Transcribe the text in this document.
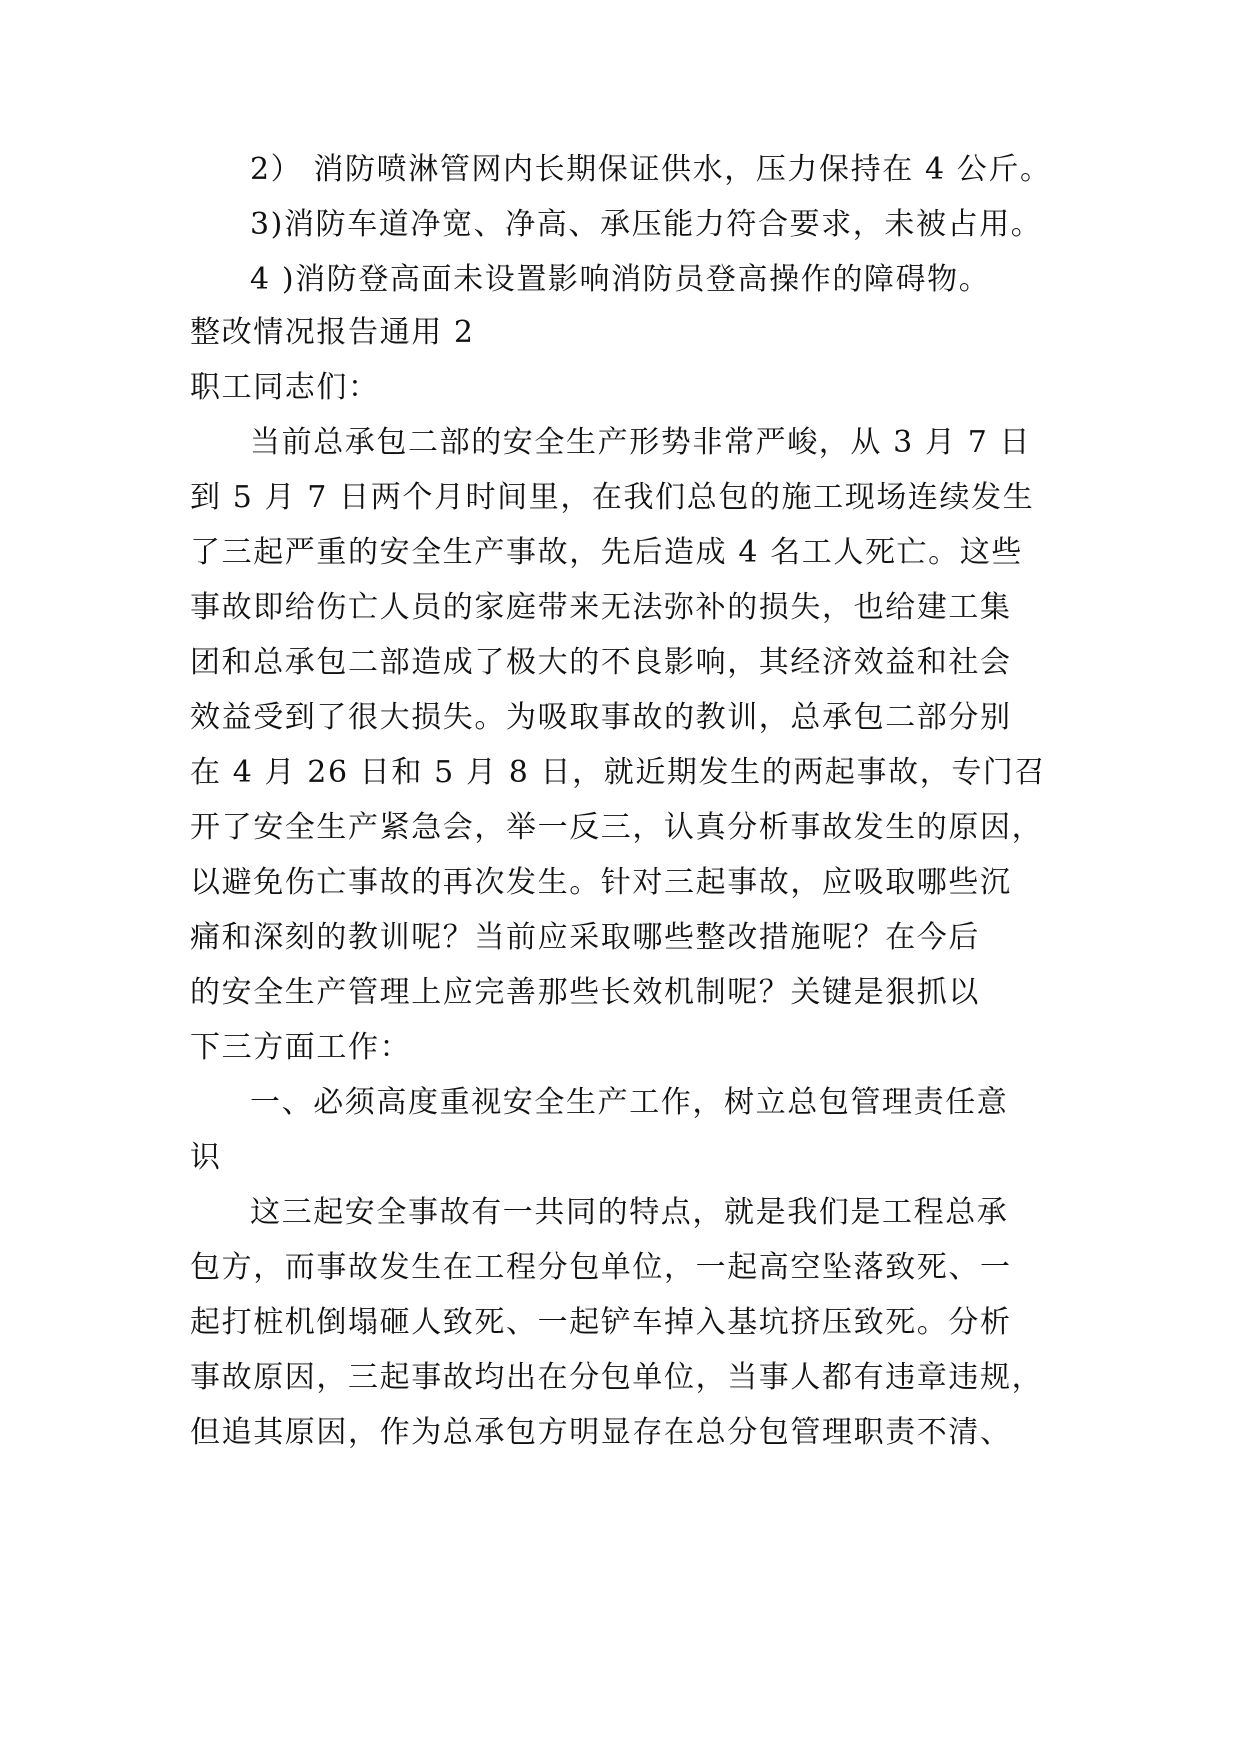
2） 消防喷淋管网内长期保证供水，压力保持在 4 公斤。
3)消防车道净宽、净高、承压能力符合要求，未被占用。
4 )消防登高面未设置影响消防员登高操作的障碍物。
整改情况报告通用 2
职工同志们：
当前总承包二部的安全生产形势非常严峻，从 3 月 7 日
到 5 月 7 日两个月时间里，在我们总包的施工现场连续发生
了三起严重的安全生产事故，先后造成 4 名工人死亡。这些
事故即给伤亡人员的家庭带来无法弥补的损失，也给建工集
团和总承包二部造成了极大的不良影响，其经济效益和社会
效益受到了很大损失。为吸取事故的教训，总承包二部分别
在 4 月 26 日和 5 月 8 日，就近期发生的两起事故，专门召
开了安全生产紧急会，举一反三，认真分析事故发生的原因，
以避免伤亡事故的再次发生。针对三起事故，应吸取哪些沉
痛和深刻的教训呢？当前应采取哪些整改措施呢？在今后
的安全生产管理上应完善那些长效机制呢？关键是狠抓以
下三方面工作：
一、必须高度重视安全生产工作，树立总包管理责任意
识
这三起安全事故有一共同的特点，就是我们是工程总承
包方，而事故发生在工程分包单位，一起高空坠落致死、一
起打桩机倒塌砸人致死、一起铲车掉入基坑挤压致死。分析
事故原因，三起事故均出在分包单位，当事人都有违章违规，
但追其原因，作为总承包方明显存在总分包管理职责不清、
